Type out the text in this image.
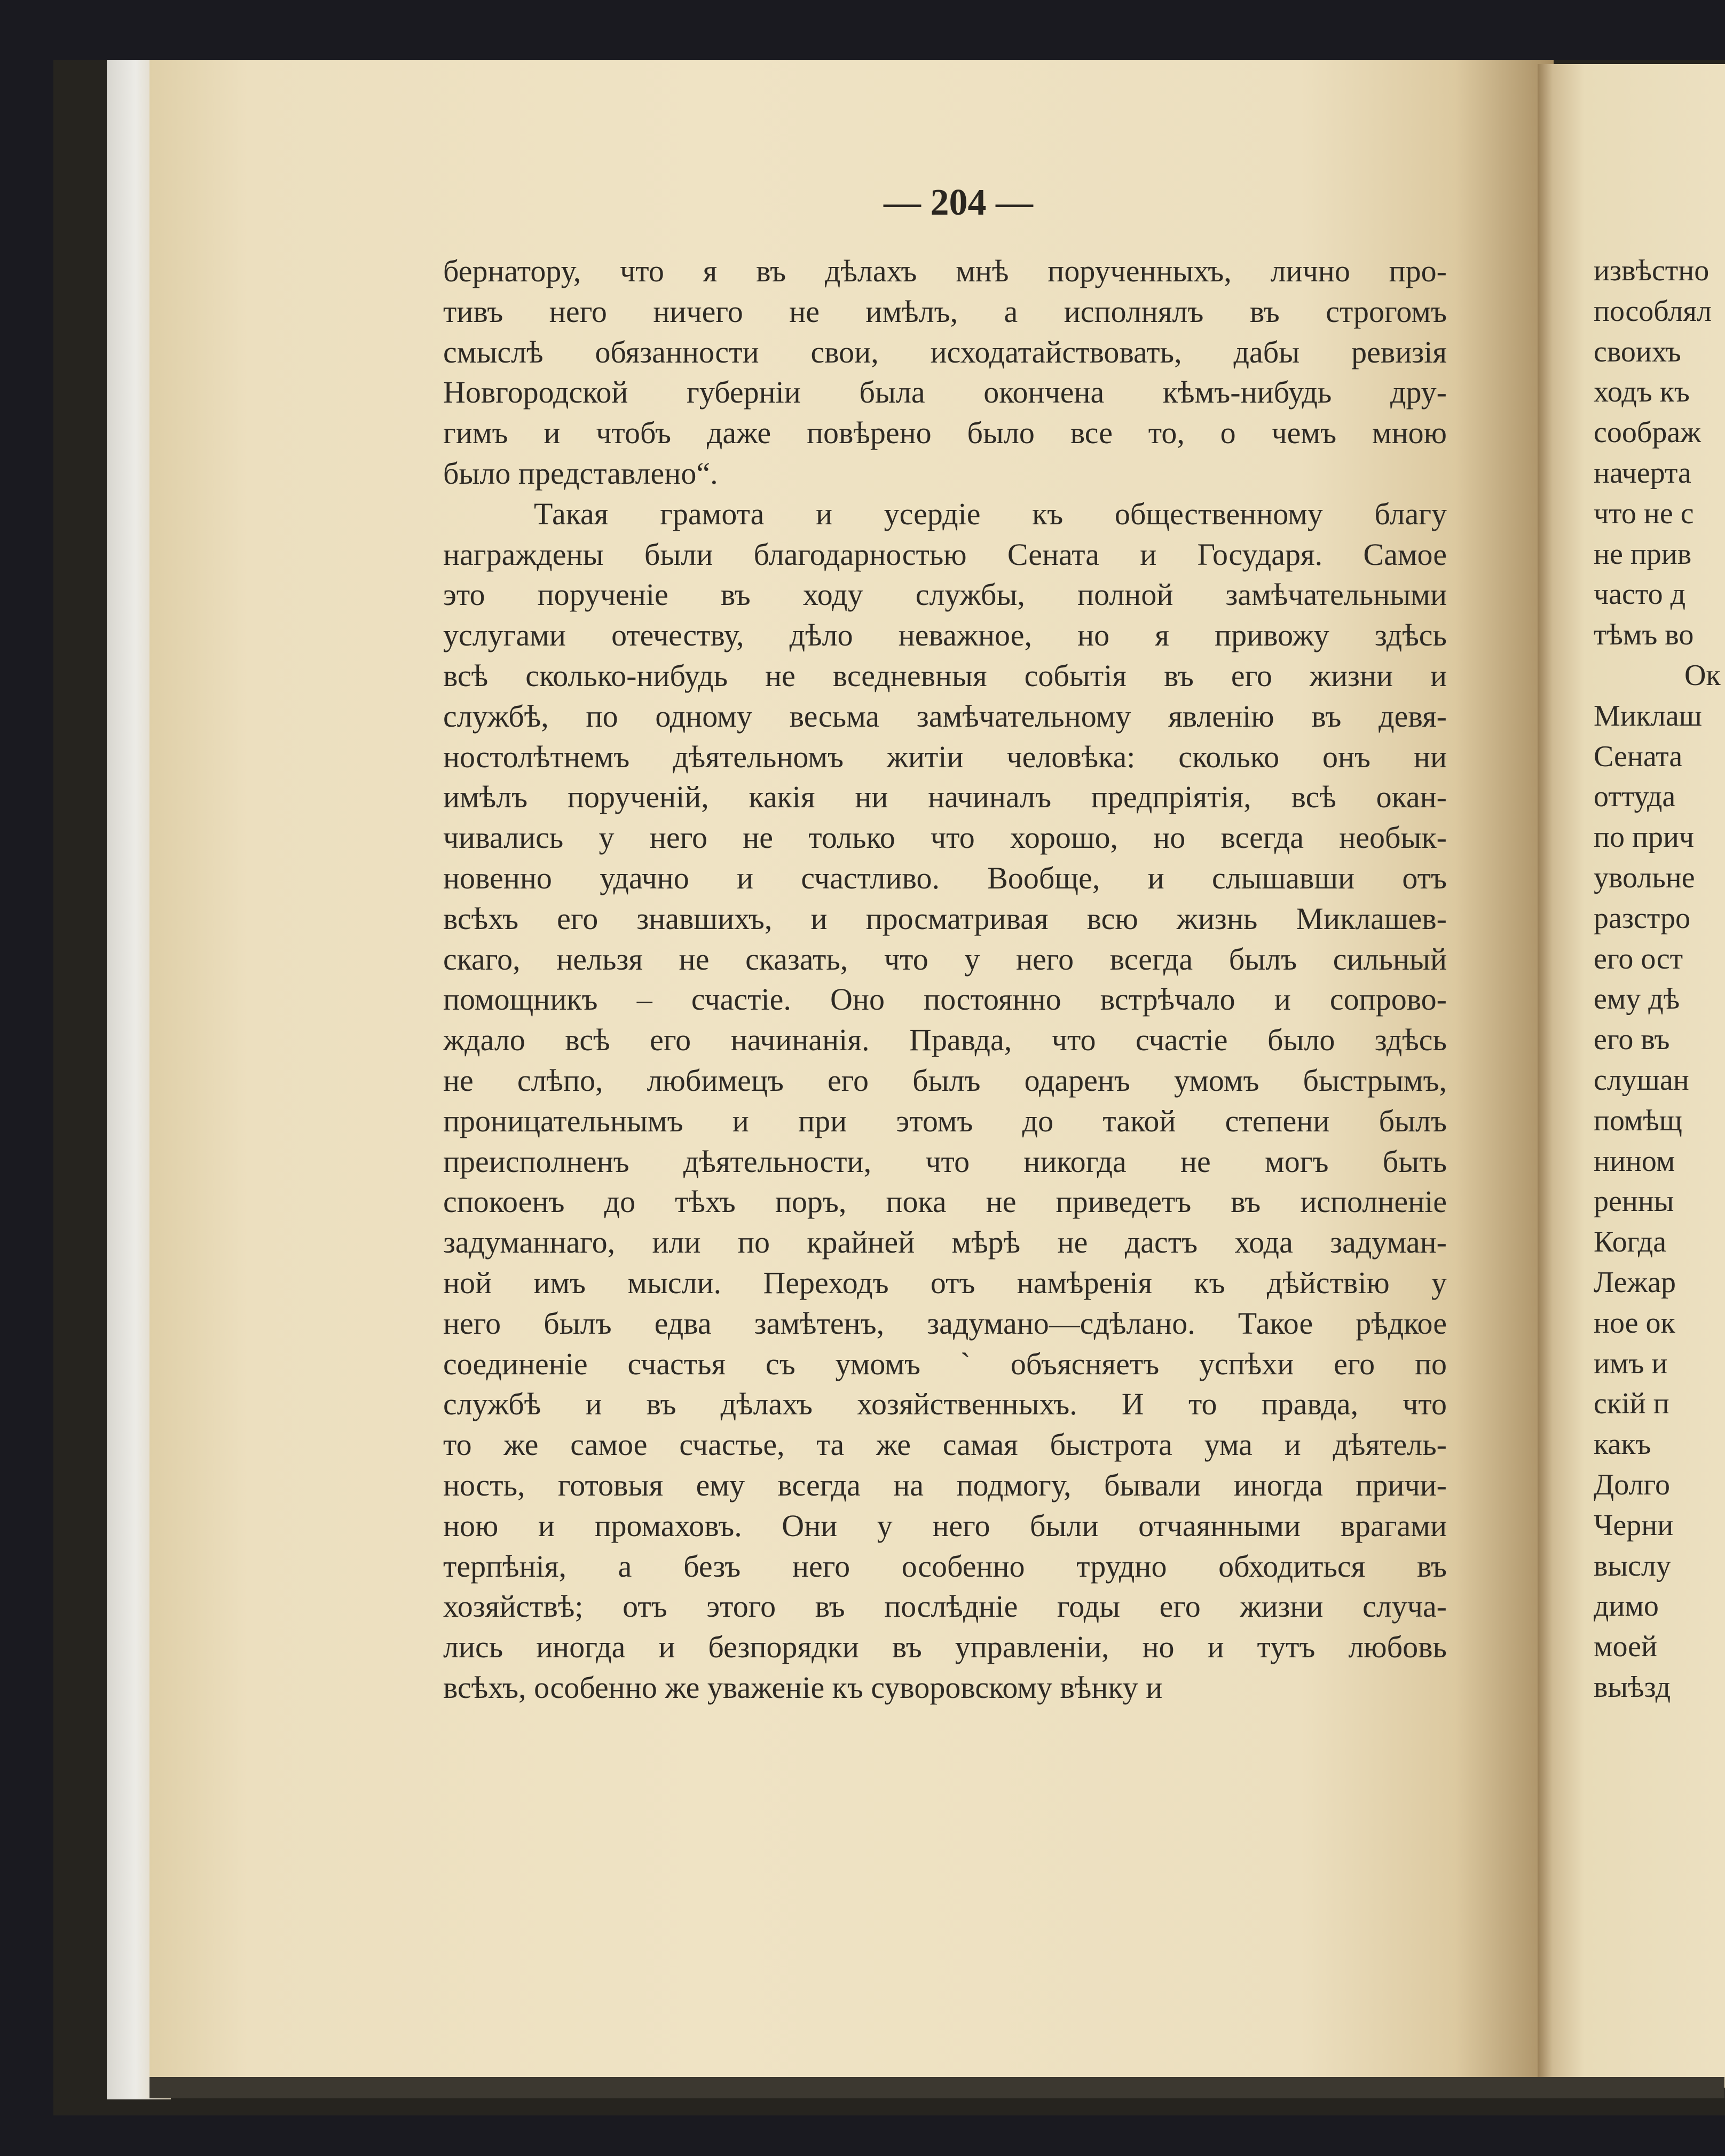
— 204 —
бернатору, что я въ дѣлахъ мнѣ порученныхъ, лично про-
тивъ него ничего не имѣлъ, а исполнялъ въ строгомъ
смыслѣ обязанности свои, исходатайствовать, дабы ревизія
Новгородской губерніи была окончена кѣмъ-нибудь дру-
гимъ и чтобъ даже повѣрено было все то, о чемъ мною
было представлено“.
Такая грамота и усердіе къ общественному благу
награждены были благодарностью Сената и Государя. Самое
это порученіе въ ходу службы, полной замѣчательными
услугами отечеству, дѣло неважное, но я привожу здѣсь
всѣ сколько-нибудь не вседневныя событія въ его жизни и
службѣ, по одному весьма замѣчательному явленію въ девя-
ностолѣтнемъ дѣятельномъ житіи человѣка: сколько онъ ни
имѣлъ порученій, какія ни начиналъ предпріятія, всѣ окан-
чивались у него не только что хорошо, но всегда необык-
новенно удачно и счастливо. Вообще, и слышавши отъ
всѣхъ его знавшихъ, и просматривая всю жизнь Миклашев-
скаго, нельзя не сказать, что у него всегда былъ сильный
помощникъ – счастіе. Оно постоянно встрѣчало и сопрово-
ждало всѣ его начинанія. Правда, что счастіе было здѣсь
не слѣпо, любимецъ его былъ одаренъ умомъ быстрымъ,
проницательнымъ и при этомъ до такой степени былъ
преисполненъ дѣятельности, что никогда не могъ быть
спокоенъ до тѣхъ поръ, пока не приведетъ въ исполненіе
задуманнаго, или по крайней мѣрѣ не дастъ хода задуман-
ной имъ мысли. Переходъ отъ намѣренія къ дѣйствію у
него былъ едва замѣтенъ, задумано—сдѣлано. Такое рѣдкое
соединеніе счастья съ умомъ ` объясняетъ успѣхи его по
службѣ и въ дѣлахъ хозяйственныхъ. И то правда, что
то же самое счастье, та же самая быстрота ума и дѣятель-
ность, готовыя ему всегда на подмогу, бывали иногда причи-
ною и промаховъ. Они у него были отчаянными врагами
терпѣнія, а безъ него особенно трудно обходиться въ
хозяйствѣ; отъ этого въ послѣдніе годы его жизни случа-
лись иногда и безпорядки въ управленіи, но и тутъ любовь
всѣхъ, особенно же уваженіе къ суворовскому вѣнку и
извѣстно
пособлял
своихъ
ходъ къ
соображ
начерта
что не с
не прив
часто д
тѣмъ во
Ок
Миклаш
Сената
оттуда
по прич
увольне
разстро
его ост
ему дѣ
его въ
слушан
помѣщ
нином
ренны
Когда
Лежар
ное ок
имъ и
скій п
какъ
Долго
Черни
выслу
димо
моей
выѣзд
